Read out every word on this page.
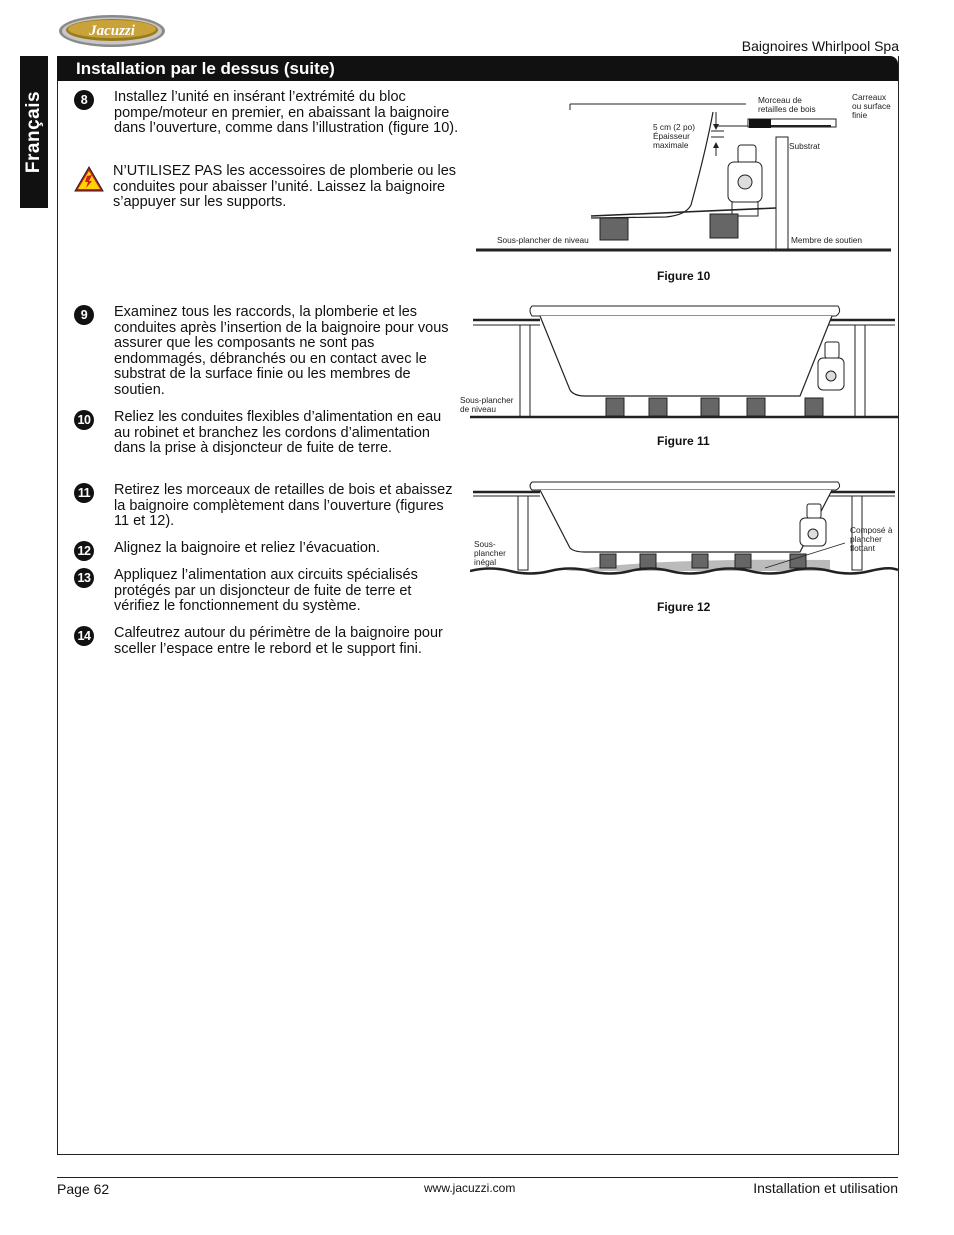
Jacuzzi
Baignoires Whirlpool Spa
Français
Installation par le dessus (suite)
8	Installez l’unité en insérant l’extrémité du bloc pompe/moteur en premier, en abaissant la baignoire dans l’ouverture, comme dans l’illustration (figure 10).
N’UTILISEZ PAS les accessoires de plomberie ou les conduites pour abaisser l’unité. Laissez la baignoire s’appuyer sur les supports.
9	Examinez tous les raccords, la plomberie et les conduites après l’insertion de la baignoire pour vous assurer que les composants ne sont pas endommagés, débranchés ou en contact avec le substrat de la surface finie ou les membres de soutien.
10 Reliez les conduites flexibles d’alimentation en eau au robinet et branchez les cordons d’alimentation dans la prise à disjoncteur de fuite de terre.
11 Retirez les morceaux de retailles de bois et abaissez la baignoire complètement dans l’ouverture (figures 11 et 12).
12 Alignez la baignoire et reliez l’évacuation.
13 Appliquez l’alimentation aux circuits spécialisés protégés par un disjoncteur de fuite de terre et vérifiez le fonctionnement du système.
14 Calfeutrez autour du périmètre de la baignoire pour sceller l’espace entre le rebord et le support fini.
Morceau de retailles de bois
Carreaux ou surface finie
5 cm (2 po) Épaisseur maximale	Substrat
Sous-plancher de niveau	Membre de soutien
Figure 10
Sous-plancher de niveau
Figure 11
Sous-plancher inégal
Composé à plancher flottant
Figure 12
Page 62	www.jacuzzi.com	Installation et utilisation
